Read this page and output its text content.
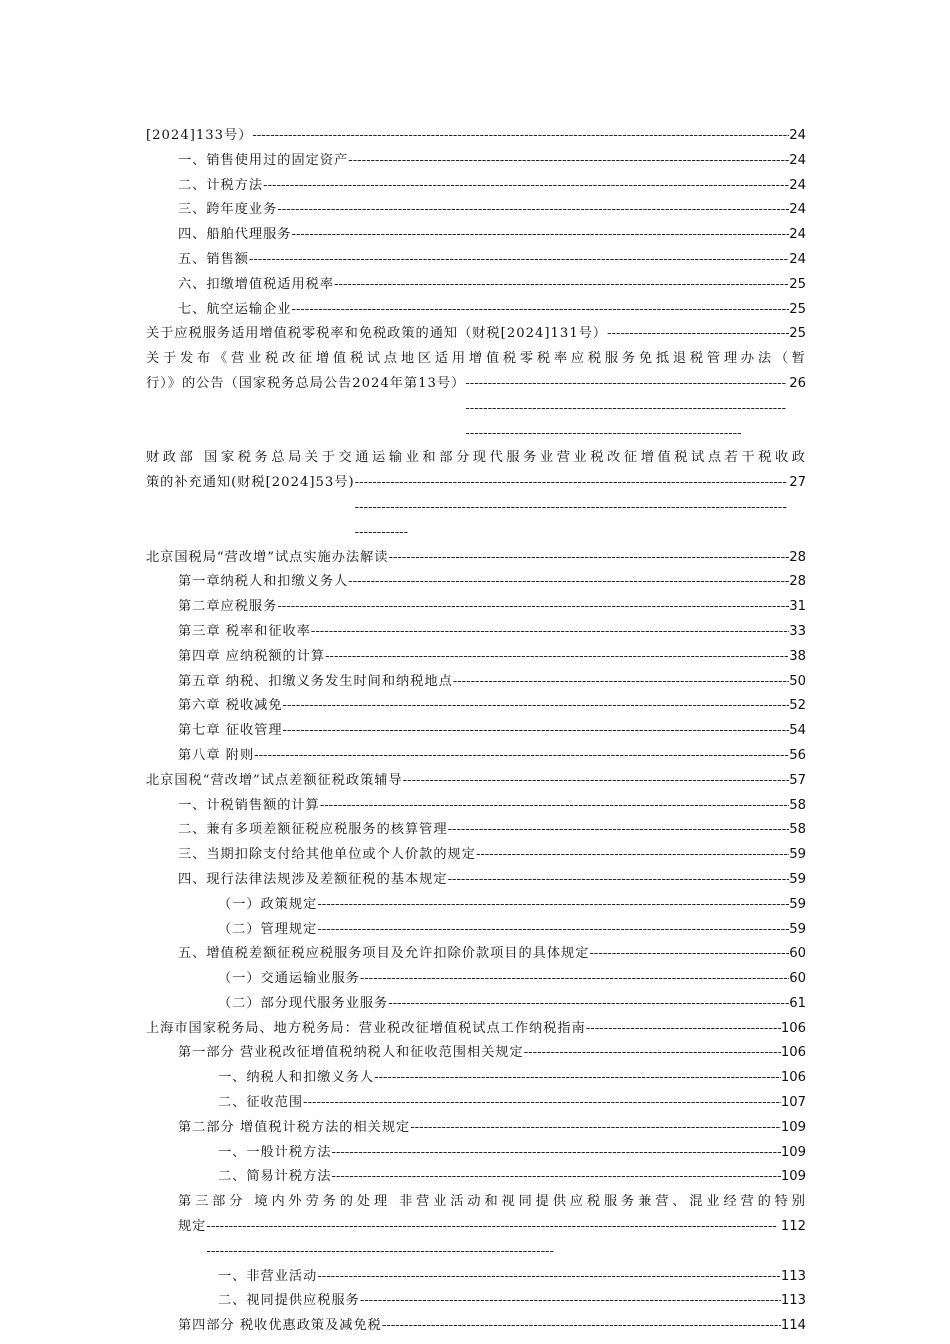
[2024]133号） -----	24
一、销售使用过的固定资产 -----	24
二、计税方法 -----	24
三、跨年度业务 -----	24
四、船舶代理服务 -----	24
五、销售额 -----	24
六、扣缴增值税适用税率 -----	25
七、航空运输企业 -----	25
关于应税服务适用增值税零税率和免税政策的通知（财税[2024]131号） -----	25
关于发布《营业税改征增值税试点地区适用增值税零税率应税服务免抵退税管理办法（暂
行）》的公告（国家税务总局公告2024年第13号） -----	26
财政部 国家税务总局关于交通运输业和部分现代服务业营业税改征增值税试点若干税收政
策的补充通知(财税[2024]53号) -----	27
北京国税局“营改增”试点实施办法解读 -----	28
第一章纳税人和扣缴义务人 -----	28
第二章应税服务 -----	31
第三章 税率和征收率 -----	33
第四章 应纳税额的计算 -----	38
第五章 纳税、扣缴义务发生时间和纳税地点 -----	50
第六章 税收减免 -----	52
第七章 征收管理 -----	54
第八章 附则 -----	56
北京国税“营改增”试点差额征税政策辅导 -----	57
一、计税销售额的计算 -----	58
二、兼有多项差额征税应税服务的核算管理 -----	58
三、当期扣除支付给其他单位或个人价款的规定 -----	59
四、现行法律法规涉及差额征税的基本规定 -----	59
（一）政策规定 -----	59
（二）管理规定 -----	59
五、增值税差额征税应税服务项目及允许扣除价款项目的具体规定 -----	60
（一）交通运输业服务 -----	60
（二）部分现代服务业服务 -----	61
上海市国家税务局、地方税务局：营业税改征增值税试点工作纳税指南 -----	106
第一部分 营业税改征增值税纳税人和征收范围相关规定 -----	106
一、纳税人和扣缴义务人 -----	106
二、征收范围 -----	107
第二部分 增值税计税方法的相关规定 -----	109
一、一般计税方法 -----	109
二、简易计税方法 -----	109
第三部分 境内外劳务的处理 非营业活动和视同提供应税服务兼营、混业经营的特别
规定 -----	112
一、非营业活动 -----	113
二、视同提供应税服务 -----	113
第四部分 税收优惠政策及减免税 -----	114
